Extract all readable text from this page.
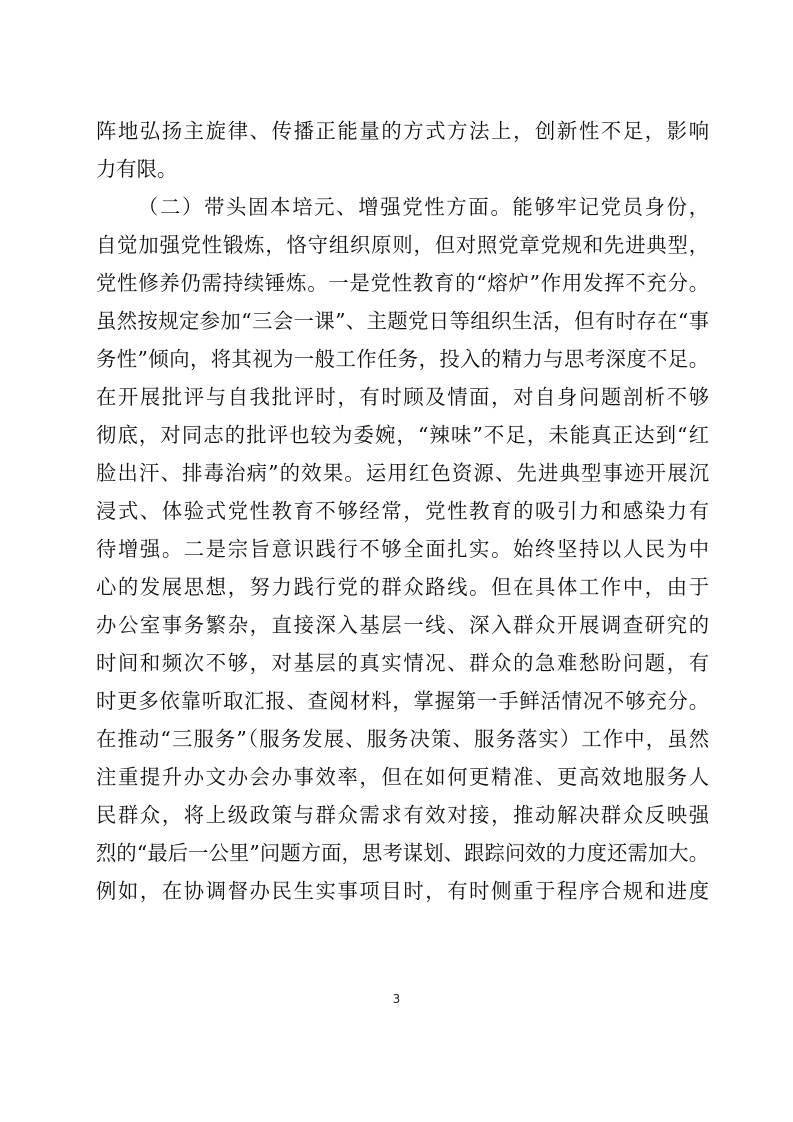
阵地弘扬主旋律、传播正能量的方式方法上，创新性不足，影响
力有限。
（二）带头固本培元、增强党性方面。能够牢记党员身份，
自觉加强党性锻炼，恪守组织原则，但对照党章党规和先进典型，
党性修养仍需持续锤炼。一是党性教育的“熔炉”作用发挥不充分。
虽然按规定参加“三会一课”、主题党日等组织生活，但有时存在“事
务性”倾向，将其视为一般工作任务，投入的精力与思考深度不足。
在开展批评与自我批评时，有时顾及情面，对自身问题剖析不够
彻底，对同志的批评也较为委婉，“辣味”不足，未能真正达到“红
脸出汗、排毒治病”的效果。运用红色资源、先进典型事迹开展沉
浸式、体验式党性教育不够经常，党性教育的吸引力和感染力有
待增强。二是宗旨意识践行不够全面扎实。始终坚持以人民为中
心的发展思想，努力践行党的群众路线。但在具体工作中，由于
办公室事务繁杂，直接深入基层一线、深入群众开展调查研究的
时间和频次不够，对基层的真实情况、群众的急难愁盼问题，有
时更多依靠听取汇报、查阅材料，掌握第一手鲜活情况不够充分。
在推动“三服务”（服务发展、服务决策、服务落实）工作中，虽然
注重提升办文办会办事效率，但在如何更精准、更高效地服务人
民群众，将上级政策与群众需求有效对接，推动解决群众反映强
烈的“最后一公里”问题方面，思考谋划、跟踪问效的力度还需加大。
例如，在协调督办民生实事项目时，有时侧重于程序合规和进度
3
